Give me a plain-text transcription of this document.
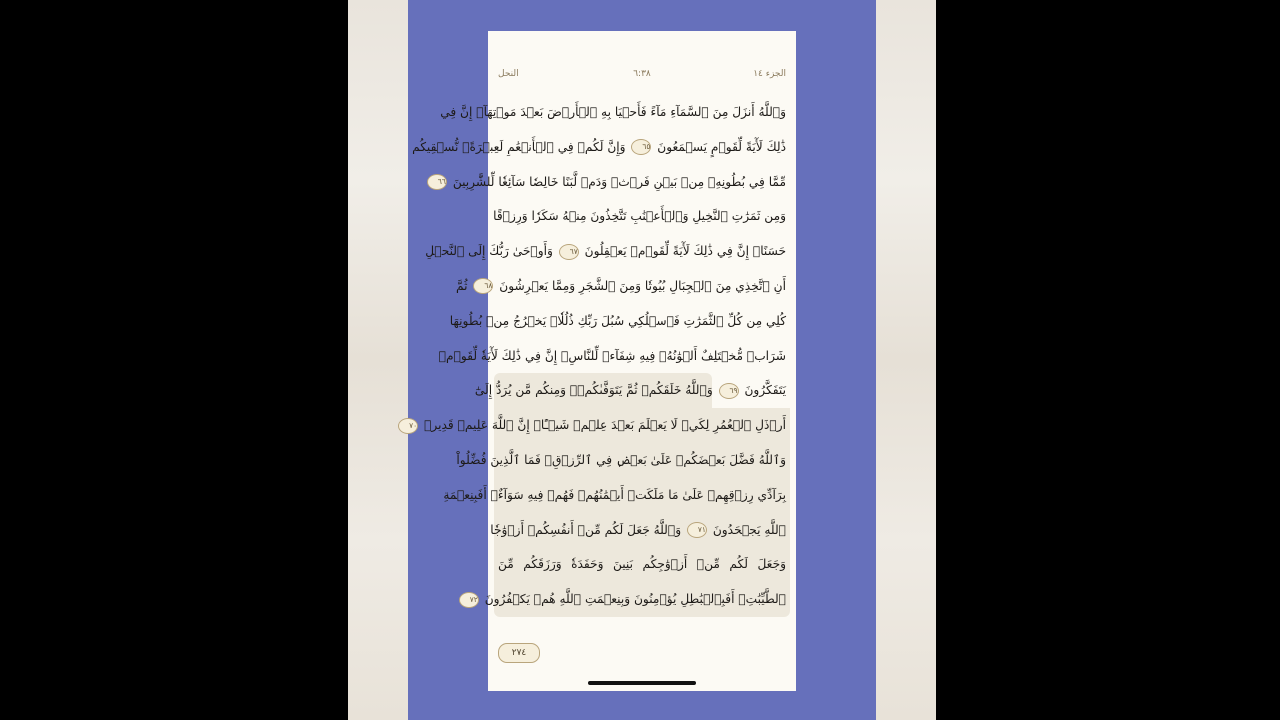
الجزء ١٤
٦:٣٨
النحل
وَٱللَّهُ أَنزَلَ مِنَ ٱلسَّمَآءِ مَآءً فَأَحۡيَا بِهِ ٱلۡأَرۡضَ بَعۡدَ مَوۡتِهَآۚ إِنَّ فِي
ذَٰلِكَ لَأٓيَةً لِّقَوۡمٍ يَسۡمَعُونَ ٦٥ وَإِنَّ لَكُمۡ فِي ٱلۡأَنۡعَٰمِ لَعِبۡرَةًۖ نُّسۡقِيكُم
مِّمَّا فِي بُطُونِهِۦ مِنۢ بَيۡنِ فَرۡثٖ وَدَمٖ لَّبَنًا خَالِصٗا سَآئِغٗا لِّلشَّٰرِبِينَ ٦٦
وَمِن ثَمَرَٰتِ ٱلنَّخِيلِ وَٱلۡأَعۡنَٰبِ تَتَّخِذُونَ مِنۡهُ سَكَرٗا وَرِزۡقًا
حَسَنًاۚ إِنَّ فِي ذَٰلِكَ لَأٓيَةً لِّقَوۡمٖ يَعۡقِلُونَ ٦٧ وَأَوۡحَىٰ رَبُّكَ إِلَى ٱلنَّحۡلِ
أَنِ ٱتَّخِذِي مِنَ ٱلۡجِبَالِ بُيُوتٗا وَمِنَ ٱلشَّجَرِ وَمِمَّا يَعۡرِشُونَ ٦٨ ثُمَّ
كُلِي مِن كُلِّ ٱلثَّمَرَٰتِ فَٱسۡلُكِي سُبُلَ رَبِّكِ ذُلُلٗاۚ يَخۡرُجُ مِنۢ بُطُونِهَا
شَرَابٞ مُّخۡتَلِفٌ أَلۡوَٰنُهُۥ فِيهِ شِفَآءٞ لِّلنَّاسِۚ إِنَّ فِي ذَٰلِكَ لَأٓيَةٗ لِّقَوۡمٖ
يَتَفَكَّرُونَ ٦٩ وَٱللَّهُ خَلَقَكُمۡ ثُمَّ يَتَوَفَّىٰكُمۡۚ وَمِنكُم مَّن يُرَدُّ إِلَىٰٓ
أَرۡذَلِ ٱلۡعُمُرِ لِكَيۡ لَا يَعۡلَمَ بَعۡدَ عِلۡمٖ شَيۡـًٔاۚ إِنَّ ٱللَّهَ عَلِيمٞ قَدِيرٞ ٧٠
وَٱللَّهُ فَضَّلَ بَعۡضَكُمۡ عَلَىٰ بَعۡضٖ فِي ٱلرِّزۡقِۚ فَمَا ٱلَّذِينَ فُضِّلُواْ
بِرَآدِّي رِزۡقِهِمۡ عَلَىٰ مَا مَلَكَتۡ أَيۡمَٰنُهُمۡ فَهُمۡ فِيهِ سَوَآءٌۚ أَفَبِنِعۡمَةِ
ٱللَّهِ يَجۡحَدُونَ ٧١ وَٱللَّهُ جَعَلَ لَكُم مِّنۡ أَنفُسِكُمۡ أَزۡوَٰجٗا
وَجَعَلَ لَكُم مِّنۡ أَزۡوَٰجِكُم بَنِينَ وَحَفَدَةٗ وَرَزَقَكُم مِّنَ
ٱلطَّيِّبَٰتِۚ أَفَبِٱلۡبَٰطِلِ يُؤۡمِنُونَ وَبِنِعۡمَتِ ٱللَّهِ هُمۡ يَكۡفُرُونَ ٧٢
٢٧٤
